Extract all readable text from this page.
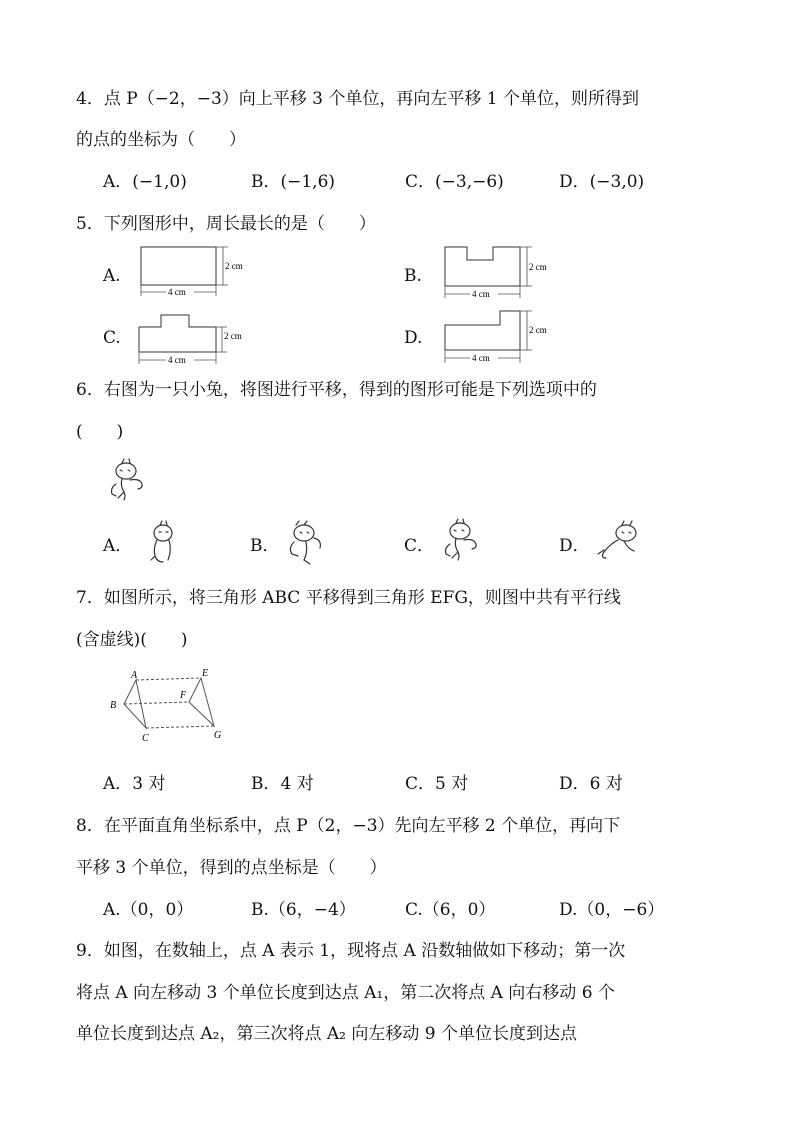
4．点 P（−2，−3）向上平移 3 个单位，再向左平移 1 个单位，则所得到
的点的坐标为（　　）
A．(−1,0)	B．(−1,6)	C．(−3,−6)	D．(−3,0)
5．下列图形中，周长最长的是（　　）
A.	2 cm
4 cm
B.	2 cm
4 cm
C.	2 cm
4 cm
D.	2 cm
4 cm
6．右图为一只小兔，将图进行平移，得到的图形可能是下列选项中的
(　　)
A．	B．	C．	D．
7．如图所示，将三角形 ABC 平移得到三角形 EFG，则图中共有平行线
(含虚线)(　　)
A
B
C
E
F
G
A．3 对	B．4 对	C．5 对	D．6 对
8．在平面直角坐标系中，点 P（2，−3）先向左平移 2 个单位，再向下
平移 3 个单位，得到的点坐标是（　　）
A.（0，0）	B.（6，−4）	C.（6，0）	D.（0，−6）
9．如图，在数轴上，点 A 表示 1，现将点 A 沿数轴做如下移动；第一次
将点 A 向左移动 3 个单位长度到达点 A₁，第二次将点 A 向右移动 6 个
单位长度到达点 A₂，第三次将点 A₂ 向左移动 9 个单位长度到达点
